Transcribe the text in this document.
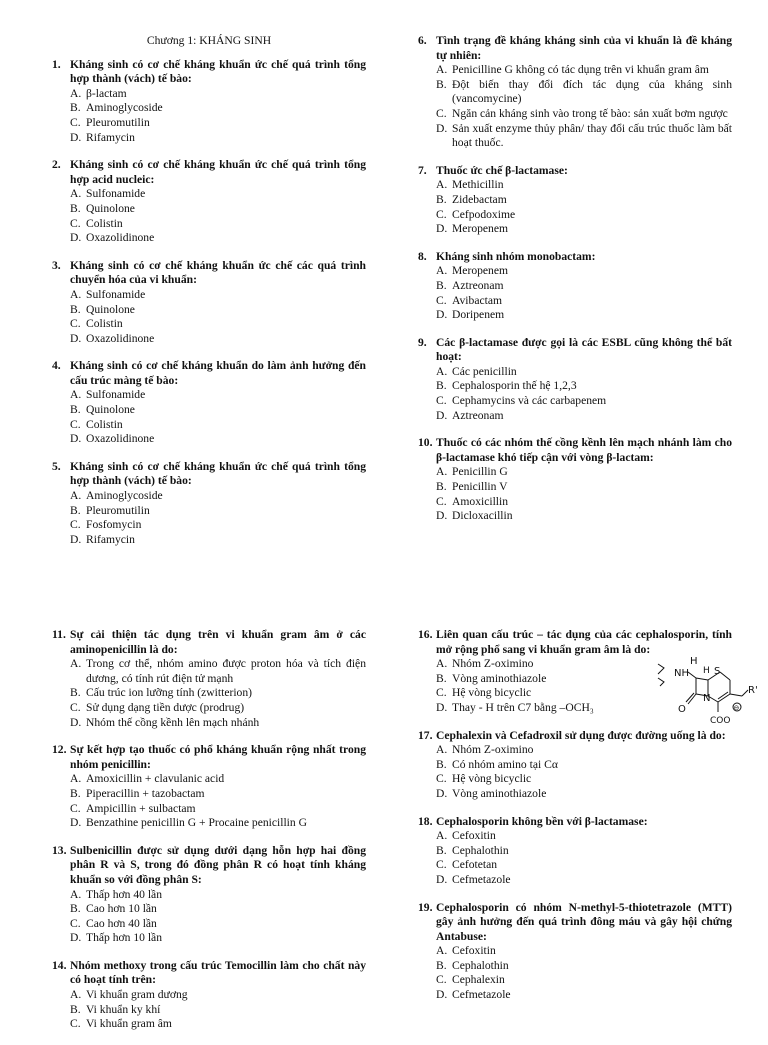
Chương 1: KHÁNG SINH
1. Kháng sinh có cơ chế kháng khuẩn ức chế quá trình tổng hợp thành (vách) tế bào:
A. β-lactam
B. Aminoglycoside
C. Pleuromutilin
D. Rifamycin
2. Kháng sinh có cơ chế kháng khuẩn ức chế quá trình tổng hợp acid nucleic:
A. Sulfonamide
B. Quinolone
C. Colistin
D. Oxazolidinone
3. Kháng sinh có cơ chế kháng khuẩn ức chế các quá trình chuyển hóa của vi khuẩn:
A. Sulfonamide
B. Quinolone
C. Colistin
D. Oxazolidinone
4. Kháng sinh có cơ chế kháng khuẩn do làm ảnh hưởng đến cấu trúc màng tế bào:
A. Sulfonamide
B. Quinolone
C. Colistin
D. Oxazolidinone
5. Kháng sinh có cơ chế kháng khuẩn ức chế quá trình tổng hợp thành (vách) tế bào:
A. Aminoglycoside
B. Pleuromutilin
C. Fosfomycin
D. Rifamycin
6. Tình trạng đề kháng kháng sinh của vi khuẩn là đề kháng tự nhiên:
A. Penicilline G không có tác dụng trên vi khuẩn gram âm
B. Đột biến thay đổi đích tác dụng của kháng sinh (vancomycine)
C. Ngăn cản kháng sinh vào trong tế bào: sản xuất bơm ngược
D. Sản xuất enzyme thủy phân/ thay đổi cấu trúc thuốc làm bất hoạt thuốc.
7. Thuốc ức chế β-lactamase:
A. Methicillin
B. Zidebactam
C. Cefpodoxime
D. Meropenem
8. Kháng sinh nhóm monobactam:
A. Meropenem
B. Aztreonam
C. Avibactam
D. Doripenem
9. Các β-lactamase được gọi là các ESBL cũng không thể bất hoạt:
A. Các penicillin
B. Cephalosporin thế hệ 1,2,3
C. Cephamycins và các carbapenem
D. Aztreonam
10. Thuốc có các nhóm thế cồng kềnh lên mạch nhánh làm cho β-lactamase khó tiếp cận với vòng β-lactam:
A. Penicillin G
B. Penicillin V
C. Amoxicillin
D. Dicloxacillin
11. Sự cải thiện tác dụng trên vi khuẩn gram âm ở các aminopenicillin là do:
A. Trong cơ thể, nhóm amino được proton hóa và tích điện dương, có tính rút điện tử mạnh
B. Cấu trúc ion lưỡng tính (zwitterion)
C. Sử dụng dạng tiền dược (prodrug)
D. Nhóm thế cồng kềnh lên mạch nhánh
12. Sự kết hợp tạo thuốc có phổ kháng khuẩn rộng nhất trong nhóm penicillin:
A. Amoxicillin + clavulanic acid
B. Piperacillin + tazobactam
C. Ampicillin + sulbactam
D. Benzathine penicillin G + Procaine penicillin G
13. Sulbenicillin được sử dụng dưới dạng hỗn hợp hai đồng phân R và S, trong đó đồng phân R có hoạt tính kháng khuẩn so với đồng phân S:
A. Thấp hơn 40 lần
B. Cao hơn 10 lần
C. Cao hơn 40 lần
D. Thấp hơn 10 lần
14. Nhóm methoxy trong cấu trúc Temocillin làm cho chất này có hoạt tính trên:
A. Vi khuẩn gram dương
B. Vi khuẩn ky khí
C. Vi khuẩn gram âm
16. Liên quan cấu trúc – tác dụng của các cephalosporin, tính mở rộng phổ sang vi khuẩn gram âm là do:
A. Nhóm Z-oximino
B. Vòng aminothiazole
C. Hệ vòng bicyclic
D. Thay - H trên C7 bằng –OCH₃
17. Cephalexin và Cefadroxil sử dụng được đường uống là do:
A. Nhóm Z-oximino
B. Có nhóm amino tại Cα
C. Hệ vòng bicyclic
D. Vòng aminothiazole
18. Cephalosporin không bền với β-lactamase:
A. Cefoxitin
B. Cephalothin
C. Cefotetan
D. Cefmetazole
19. Cephalosporin có nhóm N-methyl-5-thiotetrazole (MTT) gây ảnh hưởng đến quá trình đông máu và gây hội chứng Antabuse:
A. Cefoxitin
B. Cephalothin
C. Cephalexin
D. Cefmetazole
H
NH H S
N
R'
O
COO
⊖
